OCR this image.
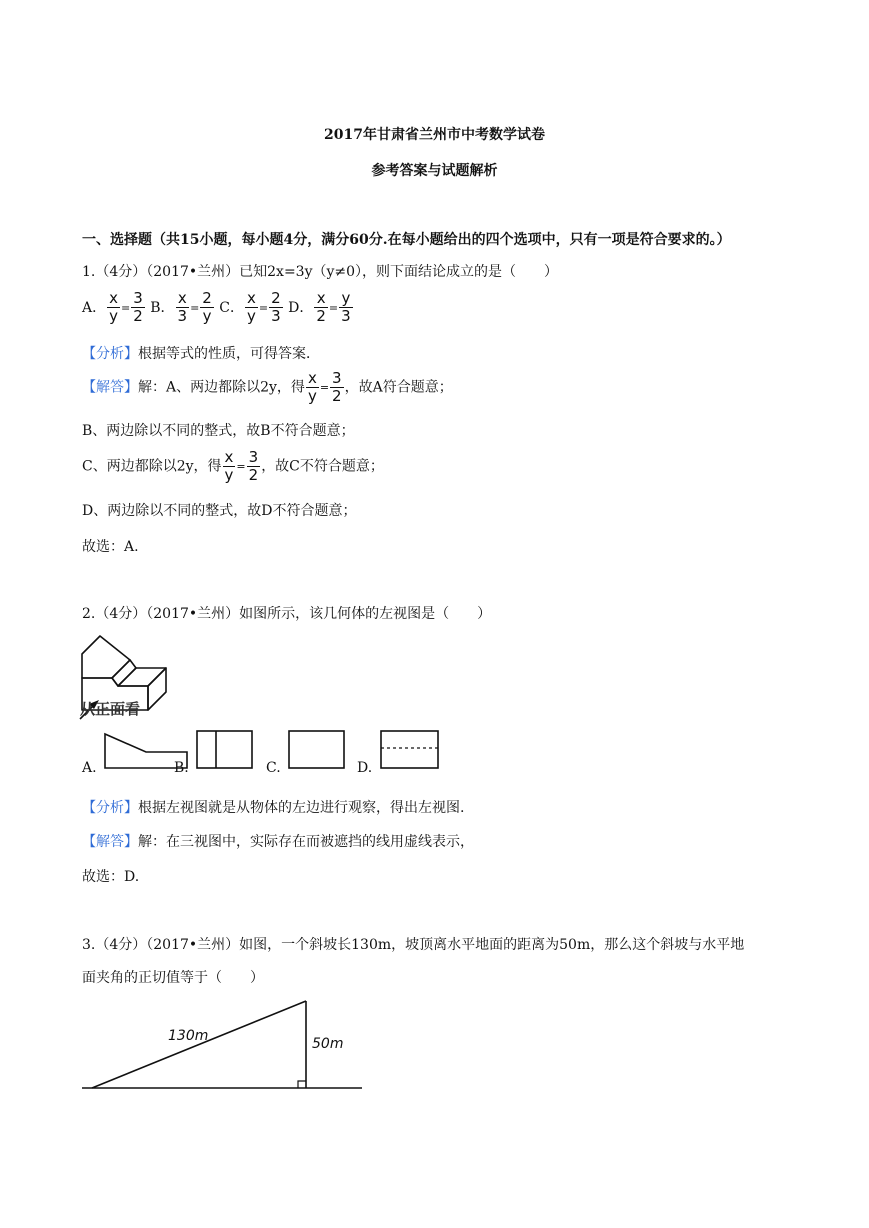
2017年甘肃省兰州市中考数学试卷
参考答案与试题解析
一、选择题（共15小题，每小题4分，满分60分.在每小题给出的四个选项中，只有一项是符合要求的。）
1.（4分）（2017•兰州）已知2x=3y（y≠0），则下面结论成立的是（　　）
A． $\frac{x}{y} = \frac{3}{2}$ B． $\frac{x}{3} = \frac{2}{y}$ C． $\frac{x}{y} = \frac{2}{3}$ D． $\frac{x}{2} = \frac{y}{3}$
【分析】根据等式的性质，可得答案．
【解答】解：A、两边都除以2y，得 $\frac{x}{y} = \frac{3}{2}$ ，故A符合题意；
B、两边除以不同的整式，故B不符合题意；
C、两边都除以2y，得 $\frac{x}{y} = \frac{3}{2}$ ，故C不符合题意；
D、两边除以不同的整式，故D不符合题意；
故选：A.
2.（4分）（2017•兰州）如图所示，该几何体的左视图是（　　）
从正面看
A.	B.	C.	D.
【分析】根据左视图就是从物体的左边进行观察，得出左视图.
【解答】解：在三视图中，实际存在而被遮挡的线用虚线表示，
故选：D.
3.（4分）（2017•兰州）如图，一个斜坡长130m，坡顶离水平地面的距离为50m，那么这个斜坡与水平地
面夹角的正切值等于（　　）
130m	50m
